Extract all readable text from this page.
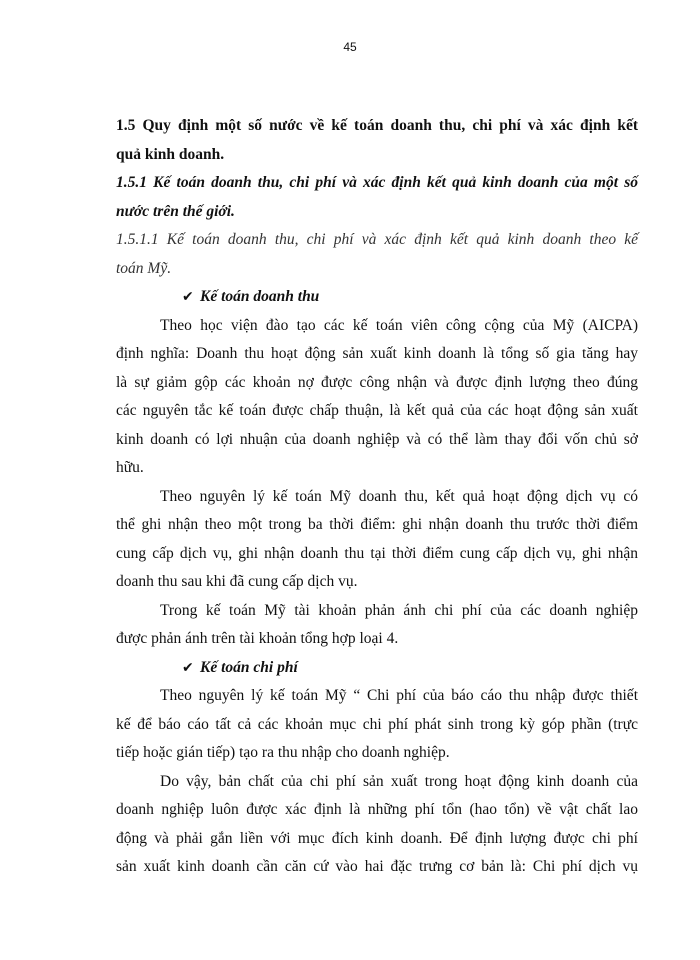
45
1.5 Quy định một số nước về kế toán doanh thu, chi phí và xác định kết
quả kinh doanh.
1.5.1 Kế toán doanh thu, chi phí và xác định kết quả kinh doanh của một số
nước trên thế giới.
1.5.1.1 Kế toán doanh thu, chi phí và xác định kết quả kinh doanh theo kế
toán Mỹ.
✔ Kế toán doanh thu
Theo học viện đào tạo các kế toán viên công cộng của Mỹ (AICPA)
định nghĩa: Doanh thu hoạt động sản xuất kinh doanh là tổng số gia tăng hay
là sự giảm gộp các khoản nợ được công nhận và được định lượng theo đúng
các nguyên tắc kế toán được chấp thuận, là kết quả của các hoạt động sản xuất
kinh doanh có lợi nhuận của doanh nghiệp và có thể làm thay đổi vốn chủ sở
hữu.
Theo nguyên lý kế toán Mỹ doanh thu, kết quả hoạt động dịch vụ có
thể ghi nhận theo một trong ba thời điểm: ghi nhận doanh thu trước thời điểm
cung cấp dịch vụ, ghi nhận doanh thu tại thời điểm cung cấp dịch vụ, ghi nhận
doanh thu sau khi đã cung cấp dịch vụ.
Trong kế toán Mỹ tài khoản phản ánh chi phí của các doanh nghiệp
được phản ánh trên tài khoản tổng hợp loại 4.
✔ Kế toán chi phí
Theo nguyên lý kế toán Mỹ “ Chi phí của báo cáo thu nhập được thiết
kế để báo cáo tất cả các khoản mục chi phí phát sinh trong kỳ góp phần (trực
tiếp hoặc gián tiếp) tạo ra thu nhập cho doanh nghiệp.
Do vậy, bản chất của chi phí sản xuất trong hoạt động kinh doanh của
doanh nghiệp luôn được xác định là những phí tổn (hao tổn) về vật chất lao
động và phải gắn liền với mục đích kinh doanh. Để định lượng được chi phí
sản xuất kinh doanh cần căn cứ vào hai đặc trưng cơ bản là: Chi phí dịch vụ
